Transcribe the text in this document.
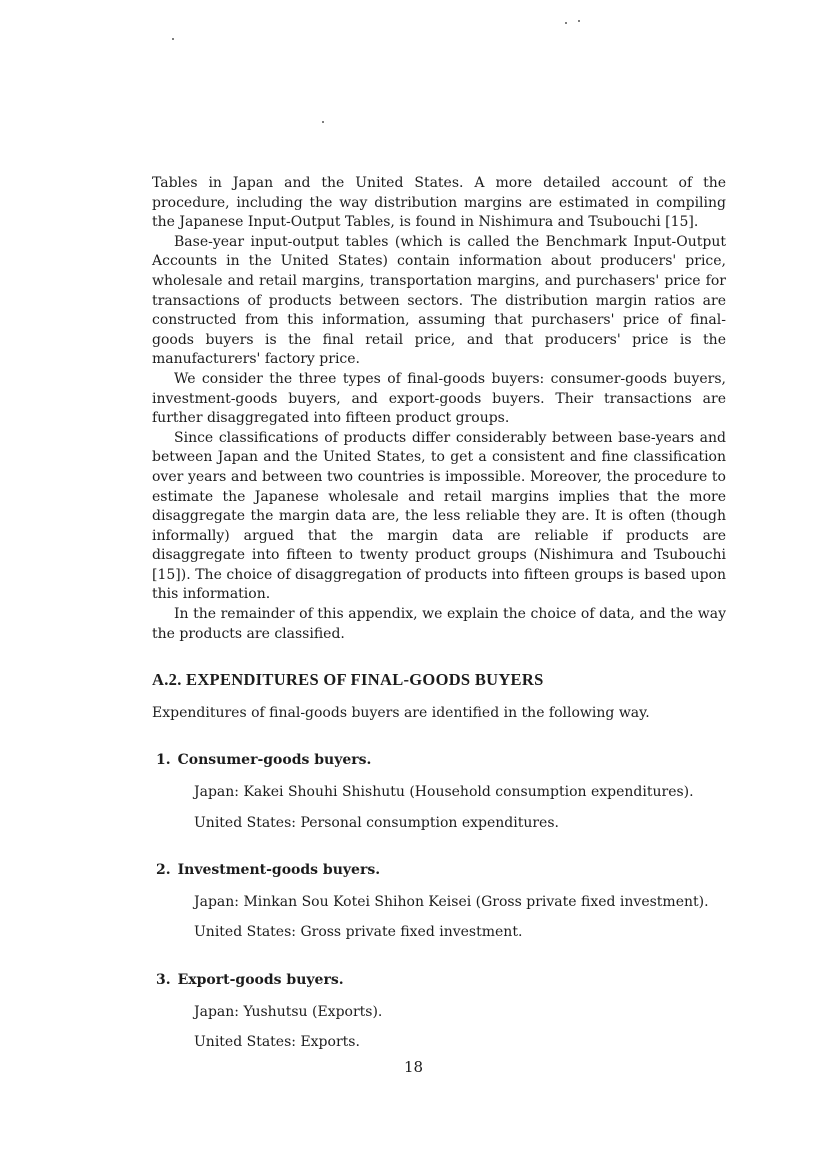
Tables in Japan and the United States. A more detailed account of the procedure, including the way distribution margins are estimated in compiling the Japanese Input-Output Tables, is found in Nishimura and Tsubouchi [15].

Base-year input-output tables (which is called the Benchmark Input-Output Accounts in the United States) contain information about producers' price, wholesale and retail margins, transportation margins, and purchasers' price for transactions of products between sectors. The distribution margin ratios are constructed from this information, assuming that purchasers' price of final-goods buyers is the final retail price, and that producers' price is the manufacturers' factory price.

We consider the three types of final-goods buyers: consumer-goods buyers, investment-goods buyers, and export-goods buyers. Their transactions are further disaggregated into fifteen product groups.

Since classifications of products differ considerably between base-years and between Japan and the United States, to get a consistent and fine classification over years and between two countries is impossible. Moreover, the procedure to estimate the Japanese wholesale and retail margins implies that the more disaggregate the margin data are, the less reliable they are. It is often (though informally) argued that the margin data are reliable if products are disaggregate into fifteen to twenty product groups (Nishimura and Tsubouchi [15]). The choice of disaggregation of products into fifteen groups is based upon this information.

In the remainder of this appendix, we explain the choice of data, and the way the products are classified.

A.2. EXPENDITURES OF FINAL-GOODS BUYERS

Expenditures of final-goods buyers are identified in the following way.

1. Consumer-goods buyers.

Japan: Kakei Shouhi Shishutu (Household consumption expenditures).

United States: Personal consumption expenditures.

2. Investment-goods buyers.

Japan: Minkan Sou Kotei Shihon Keisei (Gross private fixed investment).

United States: Gross private fixed investment.

3. Export-goods buyers.

Japan: Yushutsu (Exports).

United States: Exports.

18
